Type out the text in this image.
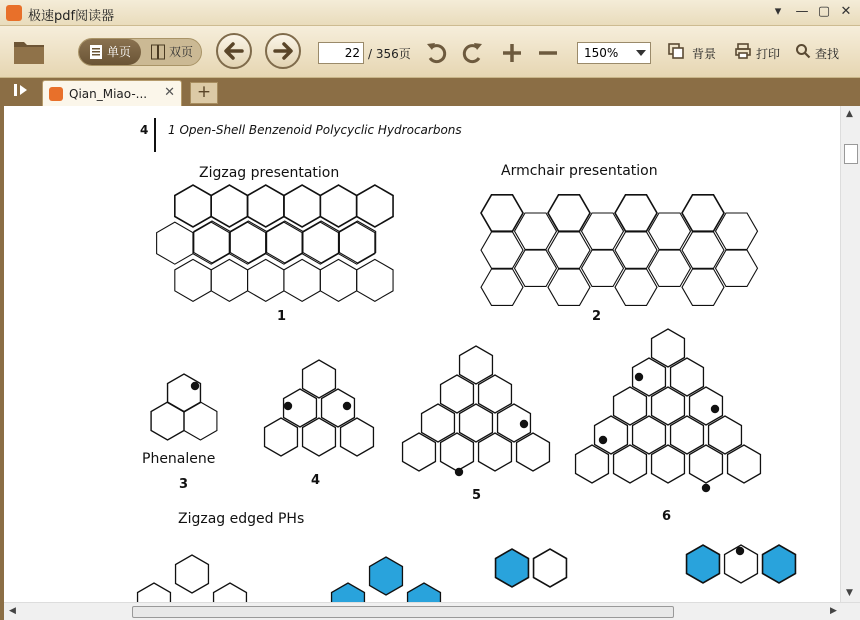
极速pdf阅读器	▾	— ▢ ✕
单页	双页	22 / 356页	150%	背景	打印	查找
Qian_Miao-... ✕	+
4 1 Open-Shell Benzenoid Polycyclic Hydrocarbons
Zigzag presentation	Armchair presentation
Phenalene
Zigzag edged PHs
1	2
3	4
5
6
▲
▼
◀	▶
